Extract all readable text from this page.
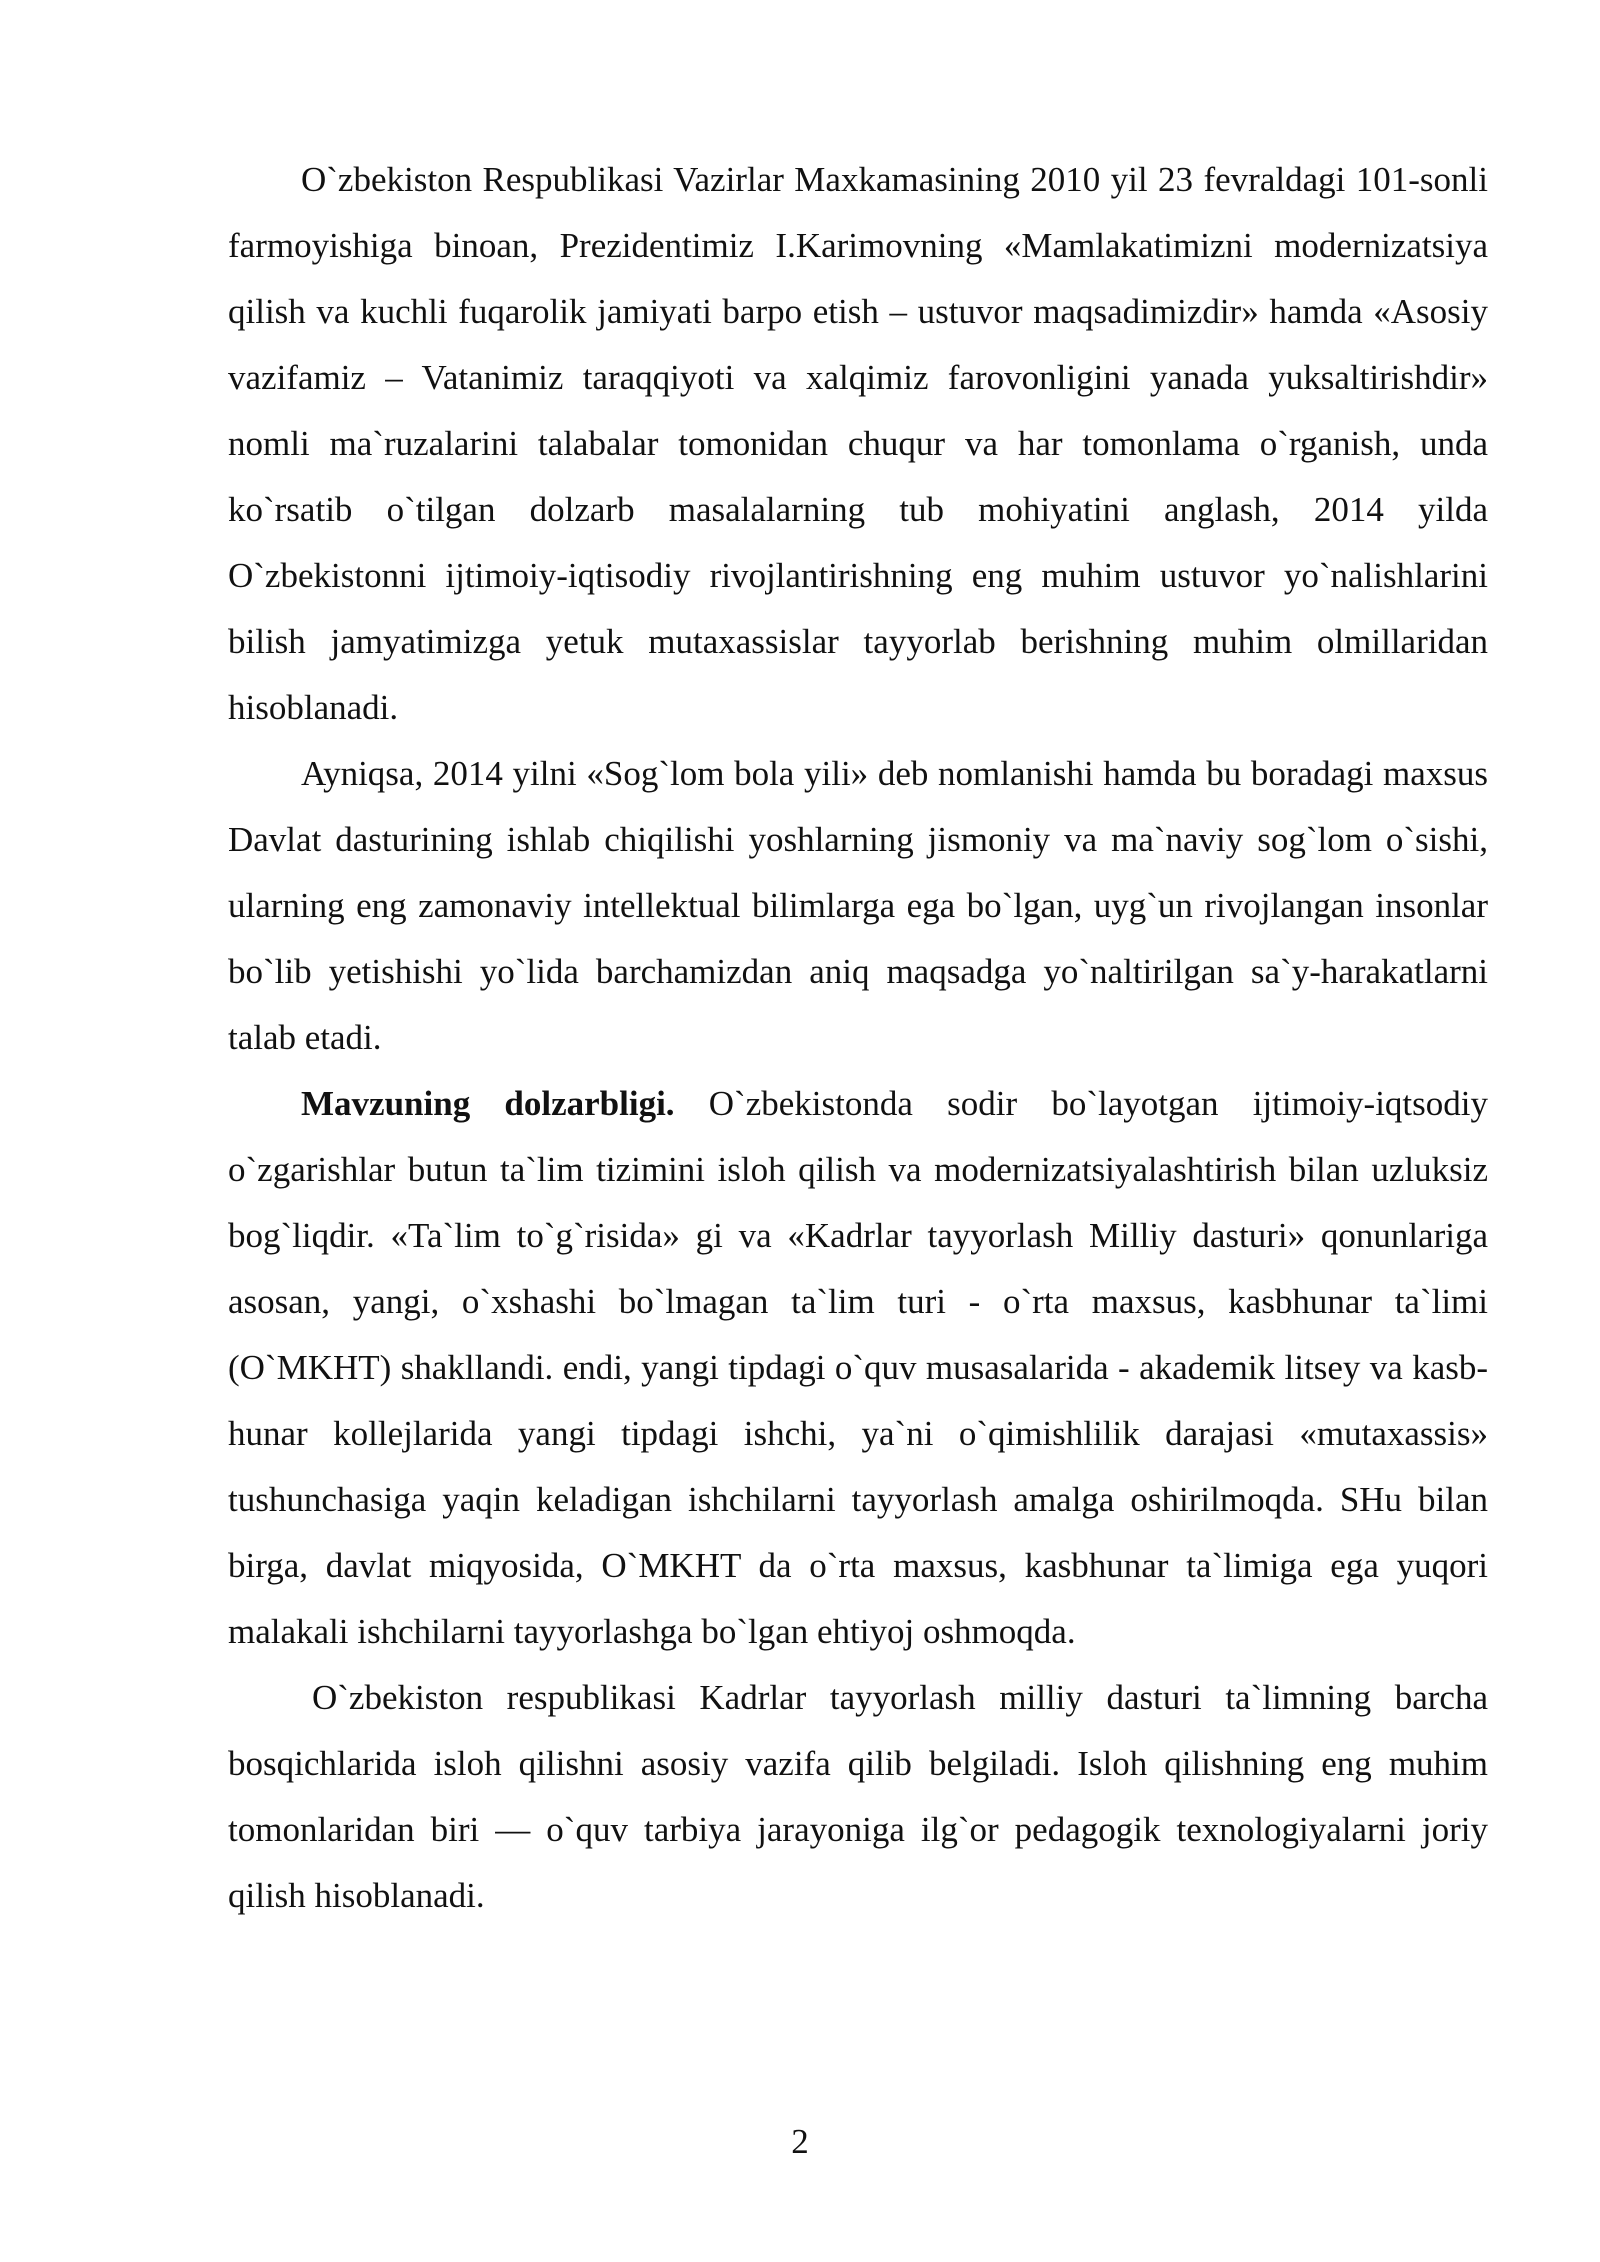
O`zbekiston Respublikasi Vazirlar Maxkamasining 2010 yil 23 fevraldagi 101-sonli farmoyishiga binoan, Prezidentimiz I.Karimovning «Mamlakatimizni modernizatsiya qilish va kuchli fuqarolik jamiyati barpo etish – ustuvor maqsadimizdir» hamda «Asosiy vazifamiz – Vatanimiz taraqqiyoti va xalqimiz farovonligini yanada yuksaltirishdir» nomli ma`ruzalarini talabalar tomonidan chuqur va har tomonlama o`rganish, unda ko`rsatib o`tilgan dolzarb masalalarning tub mohiyatini anglash, 2014 yilda O`zbekistonni ijtimoiy-iqtisodiy rivojlantirishning eng muhim ustuvor yo`nalishlarini bilish jamyatimizga yetuk mutaxassislar tayyorlab berishning muhim olmillaridan hisoblanadi.

Ayniqsa, 2014 yilni «Sog`lom bola yili» deb nomlanishi hamda bu boradagi maxsus Davlat dasturining ishlab chiqilishi yoshlarning jismoniy va ma`naviy sog`lom o`sishi, ularning eng zamonaviy intellektual bilimlarga ega bo`lgan, uyg`un rivojlangan insonlar bo`lib yetishishi yo`lida barchamizdan aniq maqsadga yo`naltirilgan sa`y-harakatlarni talab etadi.

Mavzuning dolzarbligi. O`zbekistonda sodir bo`layotgan ijtimoiy-iqtsodiy o`zgarishlar butun ta`lim tizimini isloh qilish va modernizatsiyalashtirish bilan uzluksiz bog`liqdir. «Ta`lim to`g`risida» gi va «Kadrlar tayyorlash Milliy dasturi» qonunlariga asosan, yangi, o`xshashi bo`lmagan ta`lim turi - o`rta maxsus, kasbhunar ta`limi (O`MKHT) shakllandi. endi, yangi tipdagi o`quv musasalarida - akademik litsey va kasb-hunar kollejlarida yangi tipdagi ishchi, ya`ni o`qimishlilik darajasi «mutaxassis» tushunchasiga yaqin keladigan ishchilarni tayyorlash amalga oshirilmoqda. SHu bilan birga, davlat miqyosida, O`MKHT da o`rta maxsus, kasbhunar ta`limiga ega yuqori malakali ishchilarni tayyorlashga bo`lgan ehtiyoj oshmoqda.

O`zbekiston respublikasi Kadrlar tayyorlash milliy dasturi ta`limning barcha bosqichlarida isloh qilishni asosiy vazifa qilib belgiladi. Isloh qilishning eng muhim tomonlaridan biri — o`quv tarbiya jarayoniga ilg`or pedagogik texnologiyalarni joriy qilish hisoblanadi.

2
